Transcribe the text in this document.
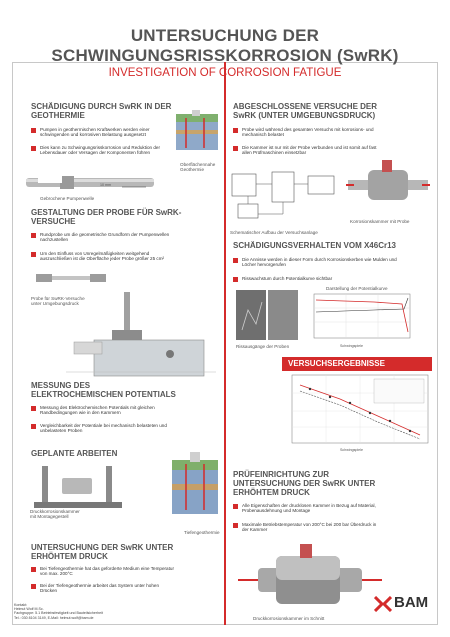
UNTERSUCHUNG DER
SCHWINGUNGSRISSKORROSION (SwRK)
INVESTIGATION OF CORROSION FATIGUE
SCHÄDIGUNG DURCH SwRK IN DER
GEOTHERMIE
Pumpen in geothermischen Kraftwerken werden einer
schwingenden und korrosiven Belastung ausgesetzt
Dies kann zu Schwingungsrisskorrosion und Reduktion der
Lebensdauer oder Versagen der Komponenten führen
Oberflächennahe
Geothermie
10 mm
Gebrochene Pumpenwelle
GESTALTUNG DER PROBE FÜR SwRK-
VERSUCHE
Rundprobe um die geometrische Grundform der Pumpenwellen
nachzustellen
Um den Einfluss von Unregelmäßigkeiten weitgehend
auszuschließen ist die Oberfläche jeder Probe größer 25 cm²
Probe für SwRK-Versuche
unter Umgebungsdruck
MESSUNG DES
ELEKTROCHEMISCHEN POTENTIALS
Messung des Elektrochemischen Potentials mit gleichen
Randbedingungen wie in den Kammern
Vergleichbarkeit der Potentiale bei mechanisch belasteten und
unbelasteten Proben
GEPLANTE ARBEITEN
Druckkorrosionskammer
mit Montagegestell
Tiefengeothermie
UNTERSUCHUNG DER SwRK UNTER
ERHÖHTEM DRUCK
Bei Tiefengeothermie hat das geforderte Medium eine Temperatur
von max. 200°C
Bei der Tiefengeothermie arbeitet das System unter hohen
Drücken
ABGESCHLOSSENE VERSUCHE DER
SwRK (UNTER UMGEBUNGSDRUCK)
Probe wird während des gesamten Versuchs mit korrosions- und
mechanisch belastet
Die Kammer ist nur mit der Probe verbunden und ist somit auf fast
allen Prüfmaschinen einsetzbar
Schematischer Aufbau der Versuchsanlage
Korrosionskammer mit Probe
SCHÄDIGUNGSVERHALTEN VOM X46Cr13
Die Annisse werden in dieser Form durch Korrosionskerben wie Mulden und
Löcher hervorgerufen
Risswachstum durch Potentialkurve sichtbar
Rissausgänge der Proben
Darstellung der Potentialkurve
Schwingspiele
VERSUCHSERGEBNISSE
Schwingspiele
PRÜFEINRICHTUNG ZUR
UNTERSUCHUNG DER SwRK UNTER
ERHÖHTEM DRUCK
Alle Eigenschaften der drucklosen Kammer in Bezug auf Material,
Probenausdehnung und Montage
Maximale Betriebstemperatur von 200°C bei 200 bar Überdruck in
der Kammer
Druckkorrosionskammer im Schnitt
Kontakt:
Helmut Wolf M.Sc.
Fachgruppe: 5.1 Betriebsfestigkeit und Bauteilsicherheit
Tel.: 030 8104 3149, E-Mail: helmut.wolf@bam.de
BAM
